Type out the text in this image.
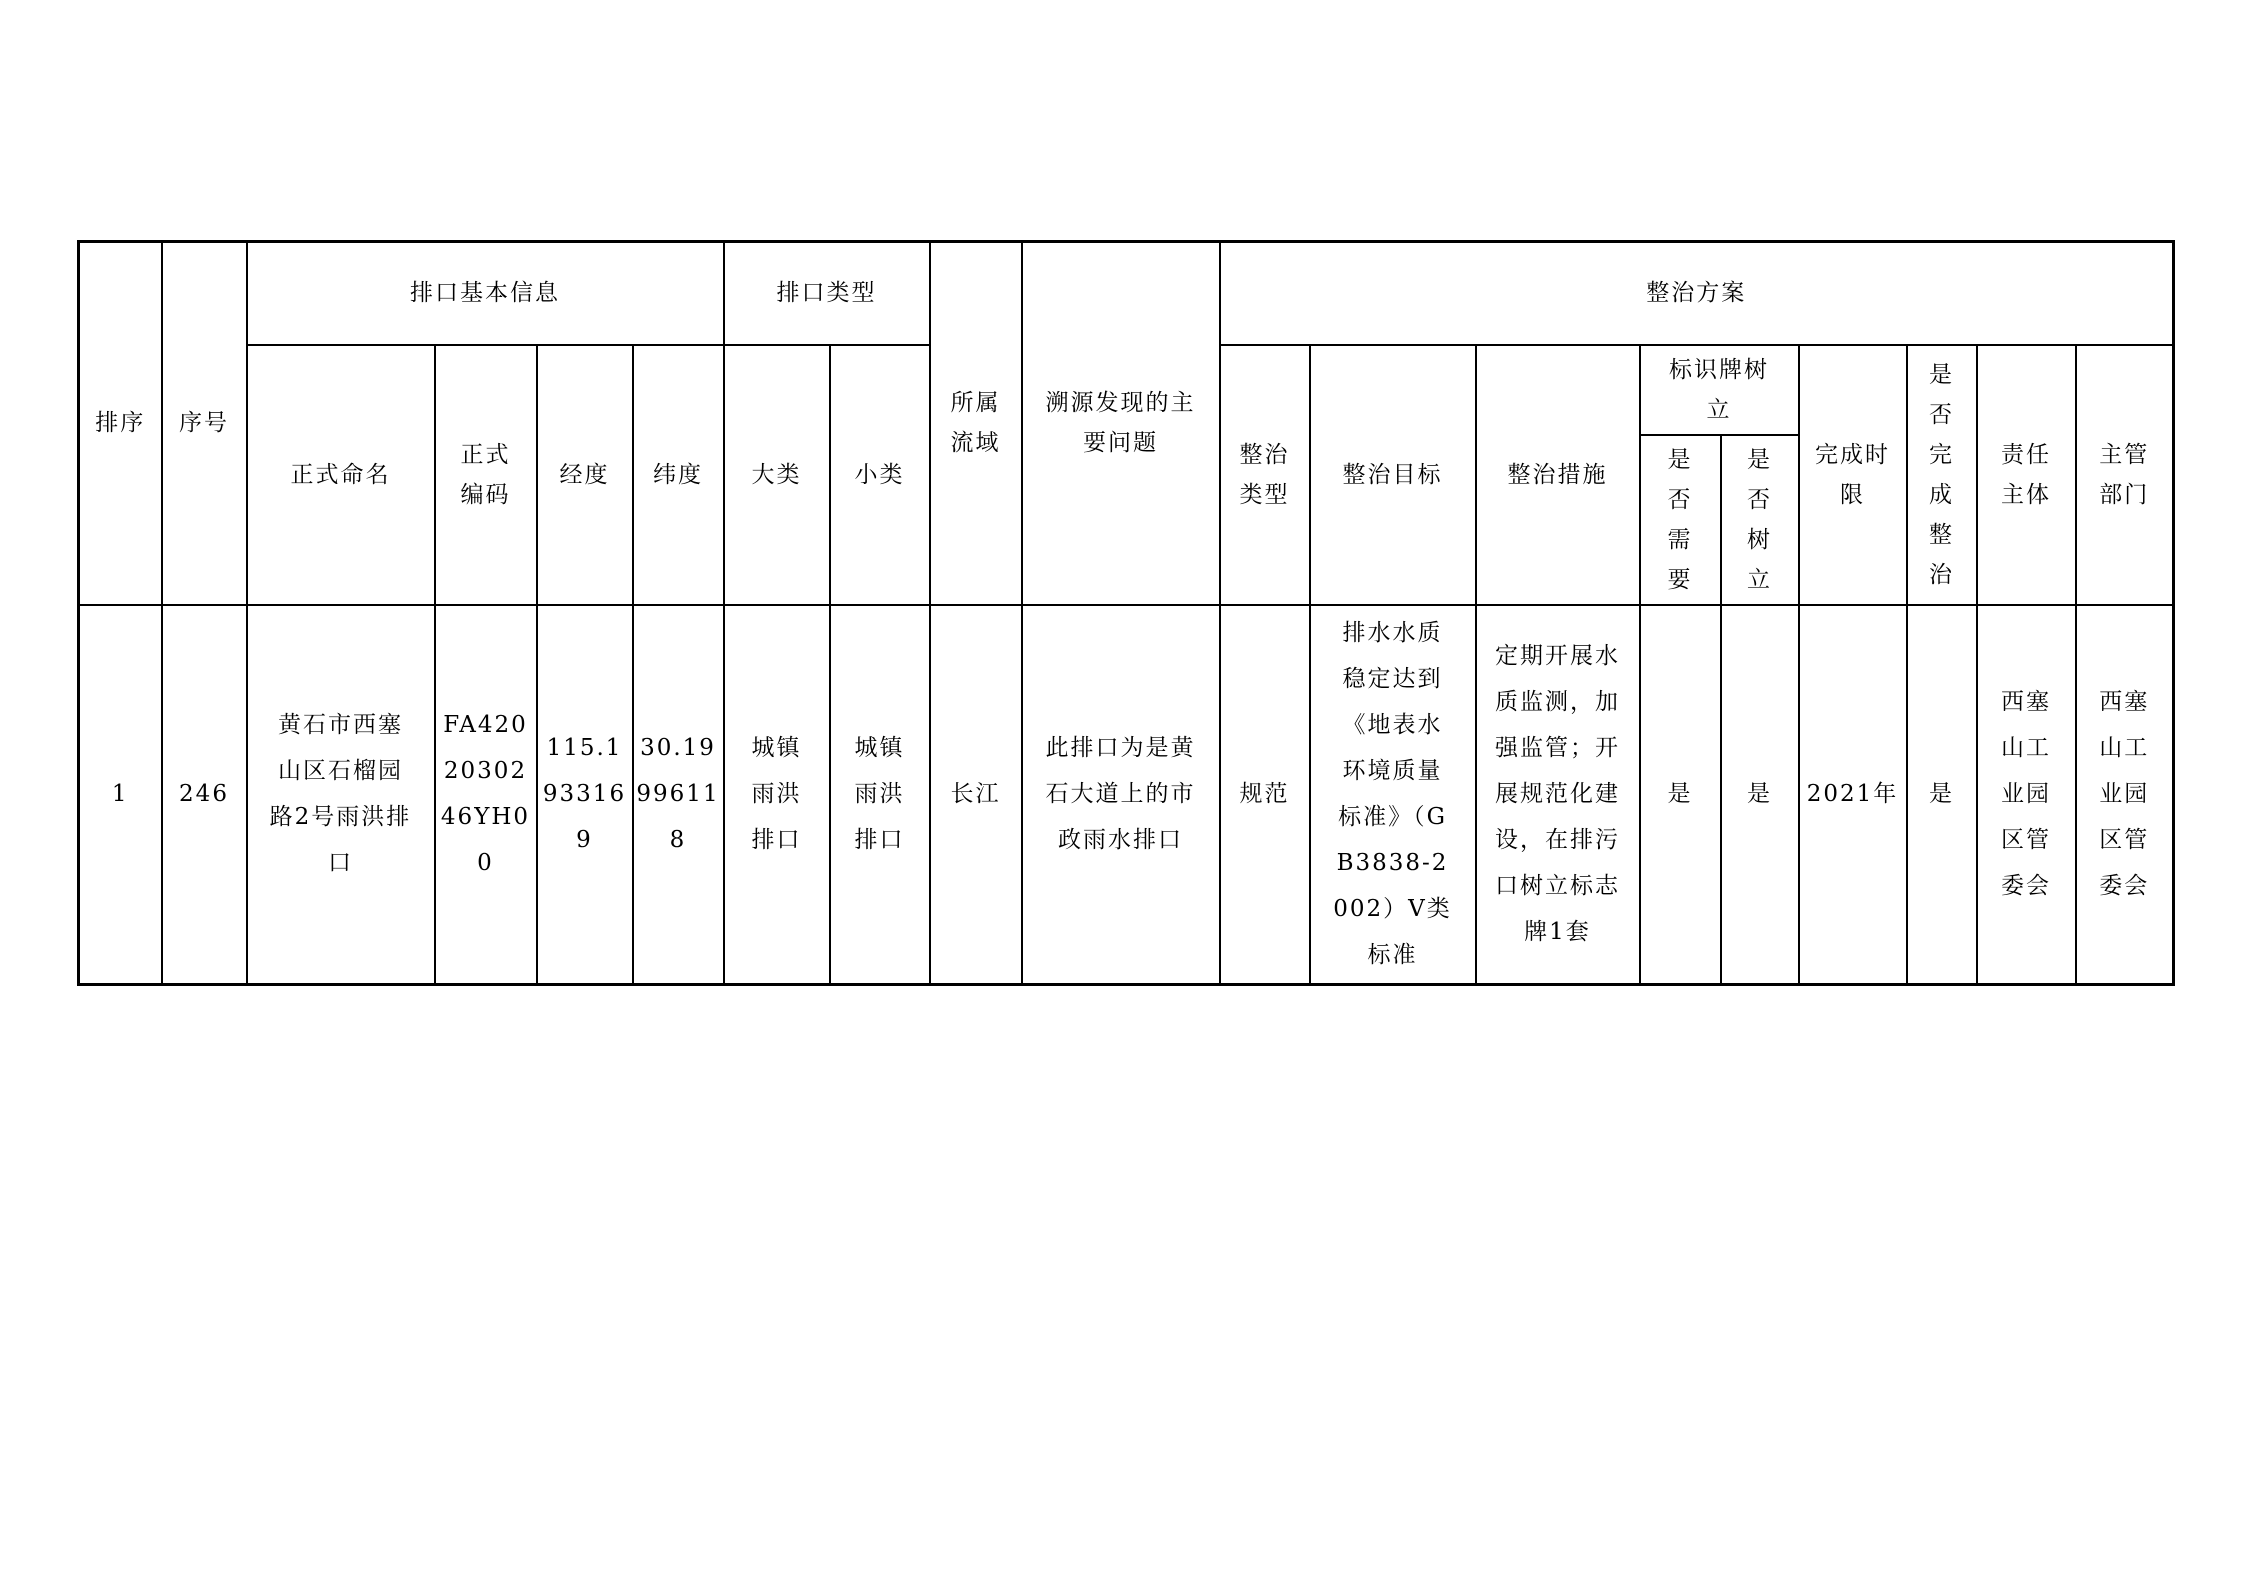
排序	序号	排口基本信息				排口类型		所属流域	溯源发现的主要问题	整治方案								
		正式命名	正式编码	经度	纬度	大类	小类			整治类型	整治目标	整治措施	标识牌树立		完成时限	是否完成整治	责任主体	主管部门
													是否需要	是否树立				
1	246	黄石市西塞山区石榴园路2号雨洪排口	FA4202030246YH00	115.1933169	30.19996118	城镇雨洪排口	城镇雨洪排口	长江	此排口为是黄石大道上的市政雨水排口	规范	排水水质稳定达到《地表水环境质量标准》（GB3838-2002）V类标准	定期开展水质监测，加强监管；开展规范化建设，在排污口树立标志牌1套	是	是	2021年	是	西塞山工业园区管委会	西塞山工业园区管委会
